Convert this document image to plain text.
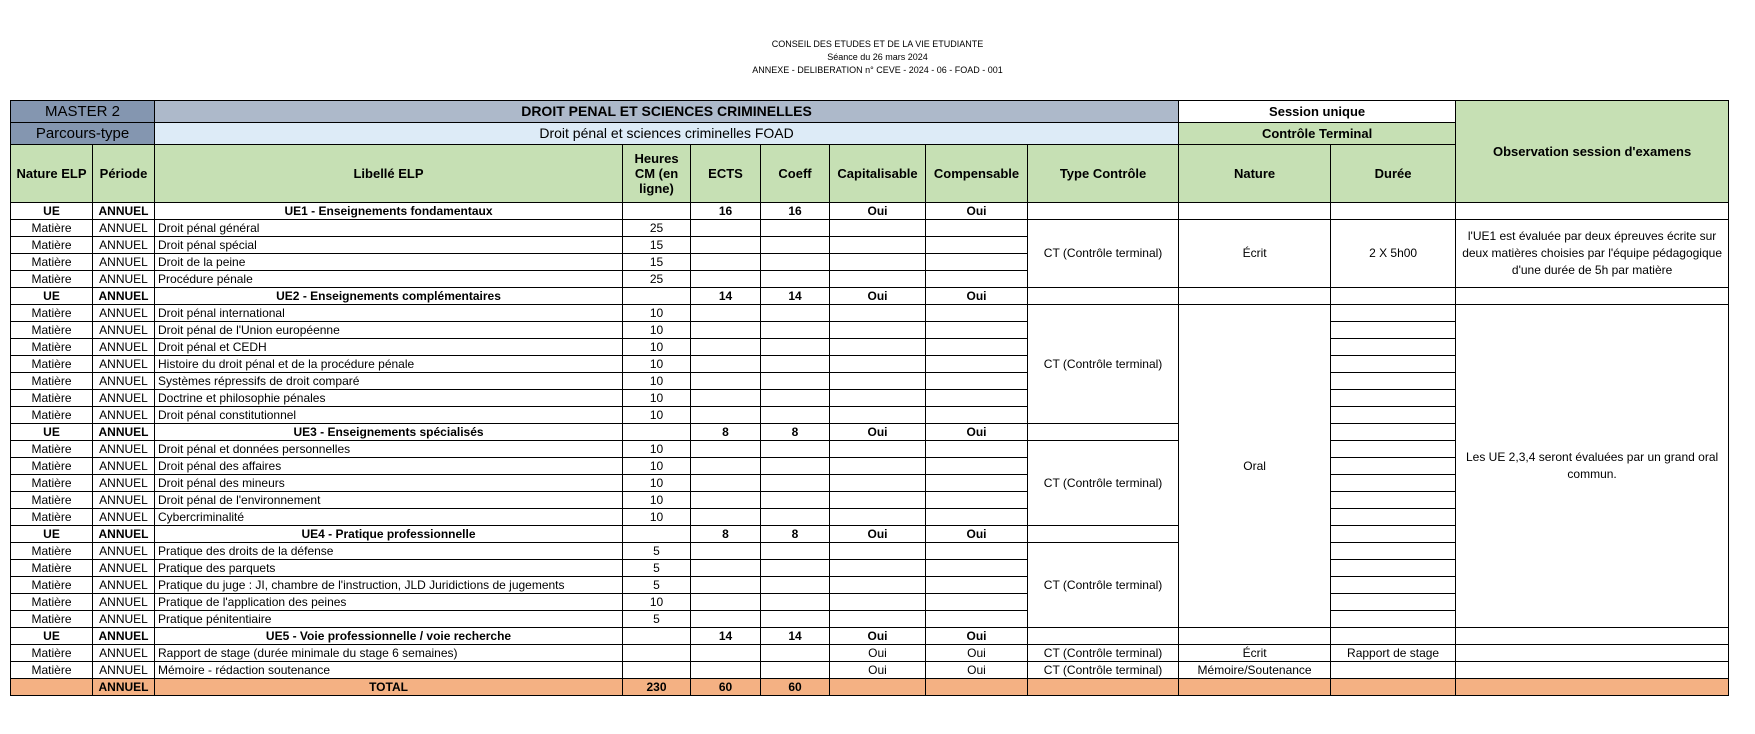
CONSEIL DES ETUDES ET DE LA VIE ETUDIANTE
Séance du 26 mars 2024
ANNEXE - DELIBERATION n° CEVE - 2024 - 06 - FOAD - 001
MASTER 2		DROIT PENAL ET SCIENCES CRIMINELLES							Session unique		Observation session d'examens
Parcours-type		Droit pénal et sciences criminelles FOAD							Contrôle Terminal		
Nature ELP	Période	Libellé ELP	Heures CM (en ligne)	ECTS	Coeff	Capitalisable	Compensable	Type Contrôle	Nature	Durée	
UE	ANNUEL	UE1 - Enseignements fondamentaux		16	16	Oui	Oui				
Matière	ANNUEL	Droit pénal général	25					CT (Contrôle terminal)	Écrit	2 X 5h00	l'UE1 est évaluée par deux épreuves écrite sur deux matières choisies par l'équipe pédagogique d'une durée de 5h par matière
Matière	ANNUEL	Droit pénal spécial	15								
Matière	ANNUEL	Droit de la peine	15								
Matière	ANNUEL	Procédure pénale	25								
UE	ANNUEL	UE2 - Enseignements complémentaires		14	14	Oui	Oui				
Matière	ANNUEL	Droit pénal international	10					CT (Contrôle terminal)	Oral		Les UE 2,3,4 seront évaluées par un grand oral commun.
Matière	ANNUEL	Droit pénal de l'Union européenne	10								
Matière	ANNUEL	Droit pénal et CEDH	10								
Matière	ANNUEL	Histoire du droit pénal et de la procédure pénale	10								
Matière	ANNUEL	Systèmes répressifs de droit comparé	10								
Matière	ANNUEL	Doctrine et philosophie pénales	10								
Matière	ANNUEL	Droit pénal constitutionnel	10								
UE	ANNUEL	UE3 - Enseignements spécialisés		8	8	Oui	Oui				
Matière	ANNUEL	Droit pénal et données personnelles	10					CT (Contrôle terminal)			
Matière	ANNUEL	Droit pénal des affaires	10								
Matière	ANNUEL	Droit pénal des mineurs	10								
Matière	ANNUEL	Droit pénal de l'environnement	10								
Matière	ANNUEL	Cybercriminalité	10								
UE	ANNUEL	UE4 - Pratique professionnelle		8	8	Oui	Oui				
Matière	ANNUEL	Pratique des droits de la défense	5					CT (Contrôle terminal)			
Matière	ANNUEL	Pratique des parquets	5								
Matière	ANNUEL	Pratique du juge : JI, chambre de l'instruction, JLD Juridictions de jugements	5								
Matière	ANNUEL	Pratique de l'application des peines	10								
Matière	ANNUEL	Pratique pénitentiaire	5								
UE	ANNUEL	UE5 - Voie professionnelle / voie recherche		14	14	Oui	Oui				
Matière	ANNUEL	Rapport de stage (durée minimale du stage 6 semaines)				Oui	Oui	CT (Contrôle terminal)	Écrit	Rapport de stage	
Matière	ANNUEL	Mémoire - rédaction soutenance				Oui	Oui	CT (Contrôle terminal)	Mémoire/Soutenance		
	ANNUEL	TOTAL	230	60	60						
